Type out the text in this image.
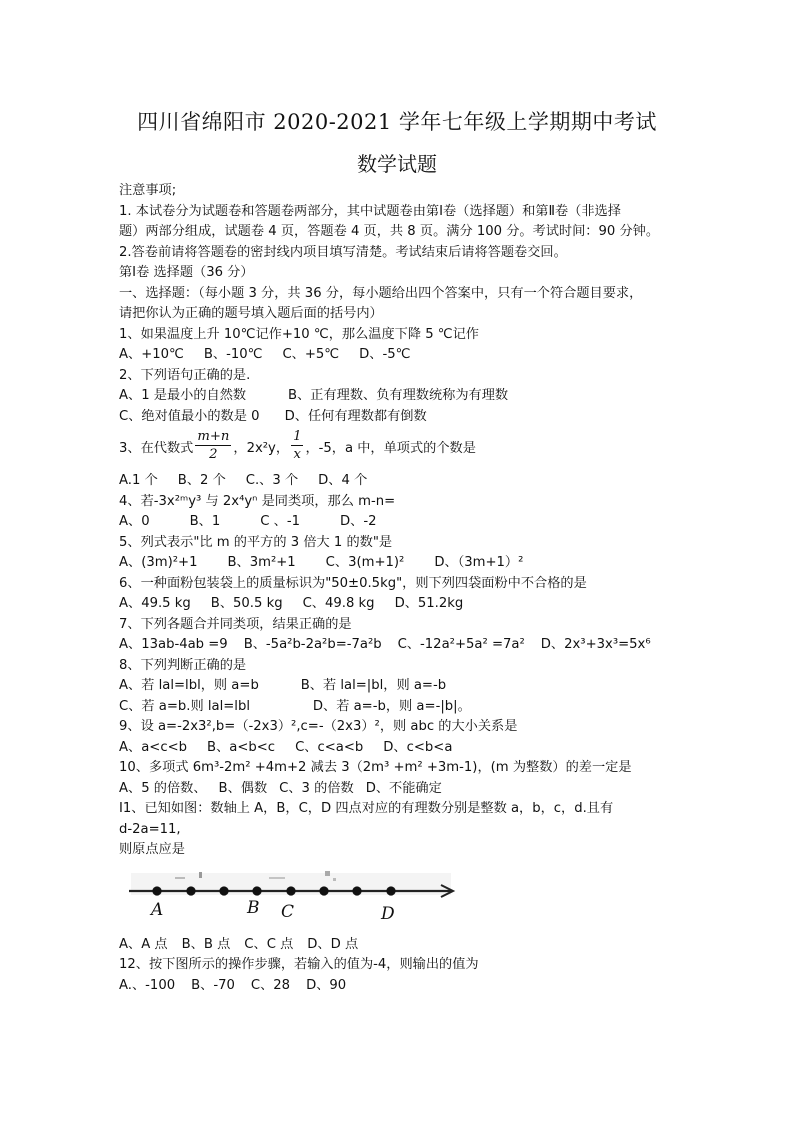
四川省绵阳市 2020-2021 学年七年级上学期期中考试
数学试题

注意事项;

1. 本试卷分为试题卷和答题卷两部分，其中试题卷由第Ⅰ卷（选择题）和第Ⅱ卷（非选择

题）两部分组成，试题卷 4 页，答题卷 4 页，共 8 页。满分 100 分。考试时间：90 分钟。

2.答卷前请将答题卷的密封线内项目填写清楚。考试结束后请将答题卷交回。

第Ⅰ卷 选择题（36 分）

一、选择题：（每小题 3 分，共 36 分，每小题给出四个答案中，只有一个符合题目要求，

请把你认为正确的题号填入题后面的括号内）

1、如果温度上升 10℃记作+10 ℃，那么温度下降 5 ℃记作

A、+10℃ B、-10℃ C、+5℃ D、-5℃

2、下列语句正确的是.

A、1 是最小的自然数          B、正有理数、负有理数统称为有理数

C、绝对值最小的数是 0      D、任何有理数都有倒数

3、在代数式 $\frac{m+n}{2}$ ，2x²y， $\frac{1}{x}$ ，-5，a 中，单项式的个数是

A.1 个 B、2 个 C.、3 个 D、4 个

4、若-3x²ᵐy³ 与 2x⁴yⁿ 是同类项，那么 m-n=

A、0	B、1	C 、-1	D、-2

5、列式表示"比 m 的平方的 3 倍大 1 的数"是

A、(3m)²+1 B、3m²+1 C、3(m+1)² D、（3m+1）²

6、一种面粉包装袋上的质量标识为"50±0.5kg"，则下列四袋面粉中不合格的是

A、49.5 kg B、50.5 kg C、49.8 kg D、51.2kg

7、下列各题合并同类项，结果正确的是

A、13ab-4ab =9 B、-5a²b-2a²b=-7a²b C、-12a²+5a² =7a² D、2x³+3x³=5x⁶

8、下列判断正确的是

A、若 lal=lbl，则 a=b          B、若 lal=|bl，则 a=-b

C、若 a=b.则 lal=lbl               D、若 a=-b，则 a=-|b|。

9、设 a=-2x3²,b=（-2x3）²,c=-（2x3）²，则 abc 的大小关系是

A、a<c<b B、a<b<c C、c<a<b D、c<b<a

10、多项式 6m³-2m² +4m+2 减去 3（2m³ +m² +3m-1)，(m 为整数）的差一定是

A、5 的倍数、 B、偶数 C、3 的倍数 D、不能确定

I1、已知如图：数轴上 A，B，C，D 四点对应的有理数分别是整数 a，b，c，d.且有

d-2a=11,

则原点应是

A	B C	D

A、A 点 B、B 点 C、C 点 D、D 点

12、按下图所示的操作步骤，若输入的值为-4，则输出的值为

A.、-100 B、-70 C、28 D、90
